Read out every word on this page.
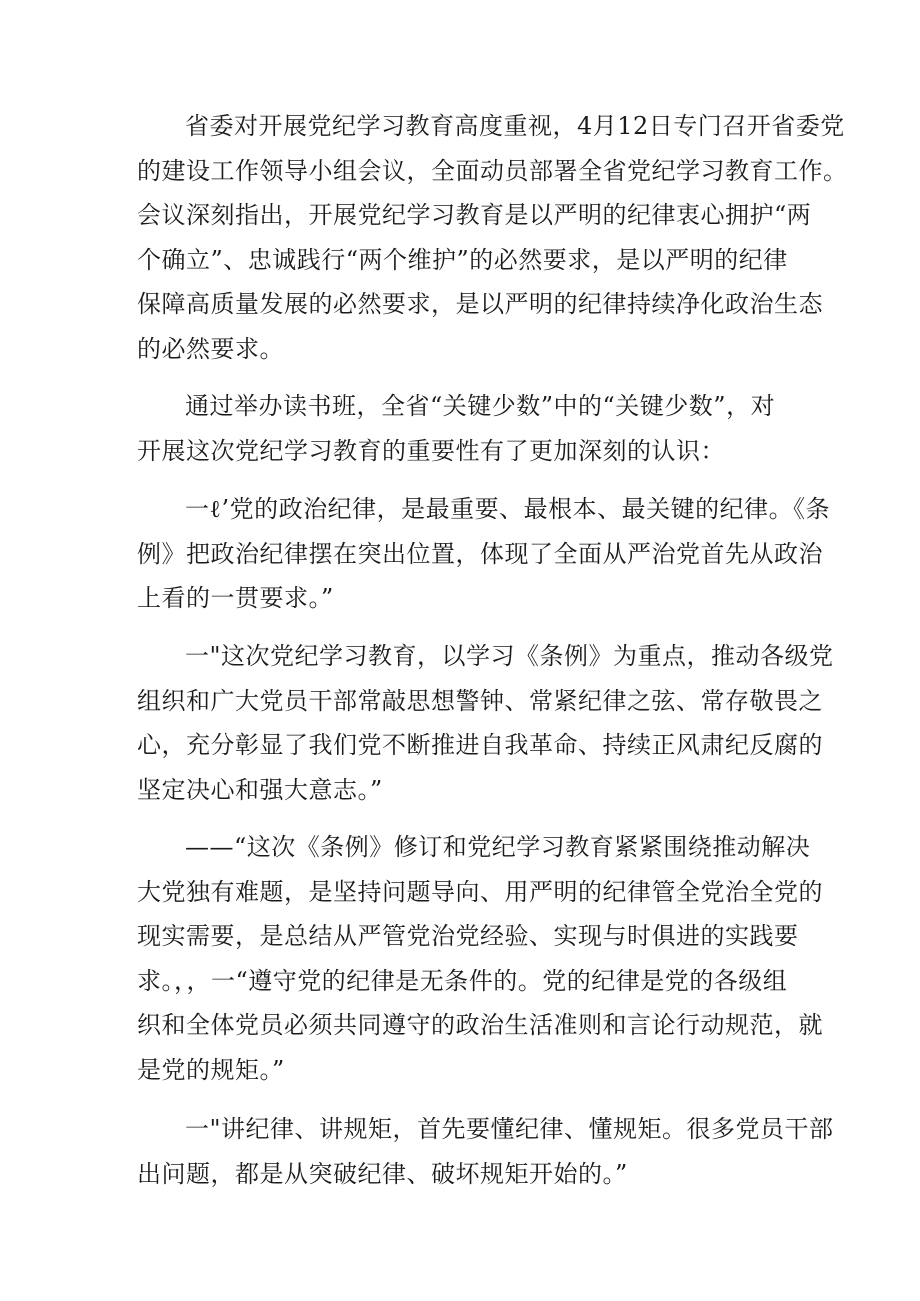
省委对开展党纪学习教育高度重视，4月12日专门召开省委党
的建设工作领导小组会议，全面动员部署全省党纪学习教育工作。
会议深刻指出，开展党纪学习教育是以严明的纪律衷心拥护“两
个确立”、忠诚践行“两个维护”的必然要求，是以严明的纪律
保障高质量发展的必然要求，是以严明的纪律持续净化政治生态
的必然要求。
通过举办读书班，全省“关键少数”中的“关键少数”，对
开展这次党纪学习教育的重要性有了更加深刻的认识：
一ℓ’党的政治纪律，是最重要、最根本、最关键的纪律。《条
例》把政治纪律摆在突出位置，体现了全面从严治党首先从政治
上看的一贯要求。”
一"这次党纪学习教育，以学习《条例》为重点，推动各级党
组织和广大党员干部常敲思想警钟、常紧纪律之弦、常存敬畏之
心，充分彰显了我们党不断推进自我革命、持续正风肃纪反腐的
坚定决心和强大意志。”
——“这次《条例》修订和党纪学习教育紧紧围绕推动解决
大党独有难题，是坚持问题导向、用严明的纪律管全党治全党的
现实需要，是总结从严管党治党经验、实现与时俱进的实践要
求。，，一“遵守党的纪律是无条件的。党的纪律是党的各级组
织和全体党员必须共同遵守的政治生活准则和言论行动规范，就
是党的规矩。”
一"讲纪律、讲规矩，首先要懂纪律、懂规矩。很多党员干部
出问题，都是从突破纪律、破坏规矩开始的。”
